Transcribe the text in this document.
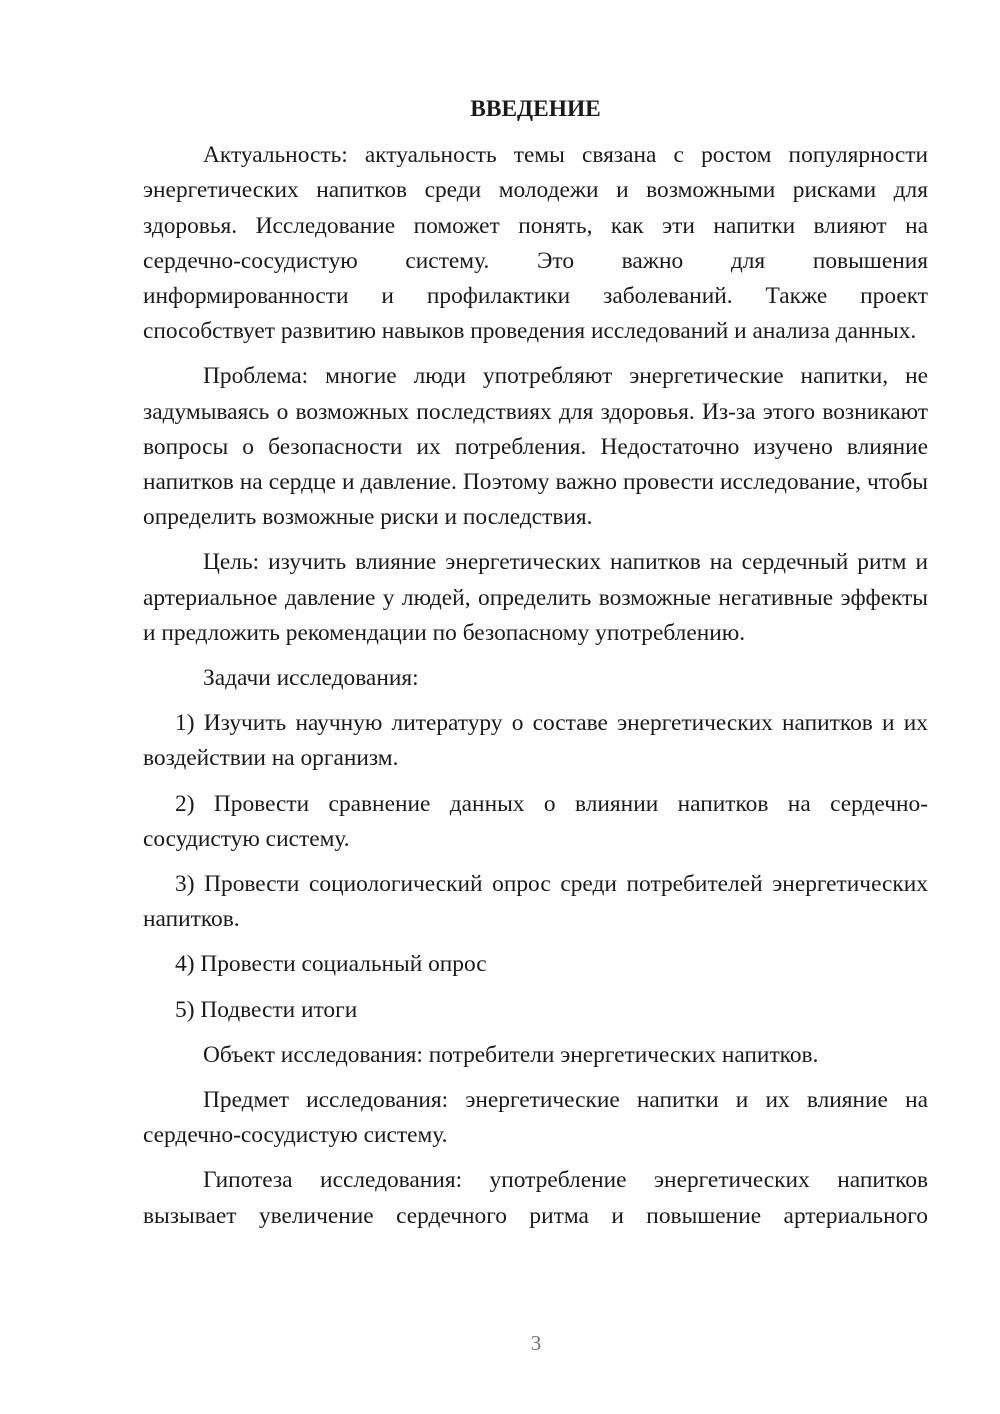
ВВЕДЕНИЕ

Актуальность: актуальность темы связана с ростом популярности энергетических напитков среди молодежи и возможными рисками для здоровья. Исследование поможет понять, как эти напитки влияют на сердечно-сосудистую систему. Это важно для повышения информированности и профилактики заболеваний. Также проект способствует развитию навыков проведения исследований и анализа данных.

Проблема: многие люди употребляют энергетические напитки, не задумываясь о возможных последствиях для здоровья. Из-за этого возникают вопросы о безопасности их потребления. Недостаточно изучено влияние напитков на сердце и давление. Поэтому важно провести исследование, чтобы определить возможные риски и последствия.

Цель: изучить влияние энергетических напитков на сердечный ритм и артериальное давление у людей, определить возможные негативные эффекты и предложить рекомендации по безопасному употреблению.

Задачи исследования:

1) Изучить научную литературу о составе энергетических напитков и их воздействии на организм.

2) Провести сравнение данных о влиянии напитков на сердечно-сосудистую систему.

3) Провести социологический опрос среди потребителей энергетических напитков.

4) Провести социальный опрос

5) Подвести итоги

Объект исследования: потребители энергетических напитков.

Предмет исследования: энергетические напитки и их влияние на сердечно-сосудистую систему.

Гипотеза исследования: употребление энергетических напитков вызывает увеличение сердечного ритма и повышение артериального

3
